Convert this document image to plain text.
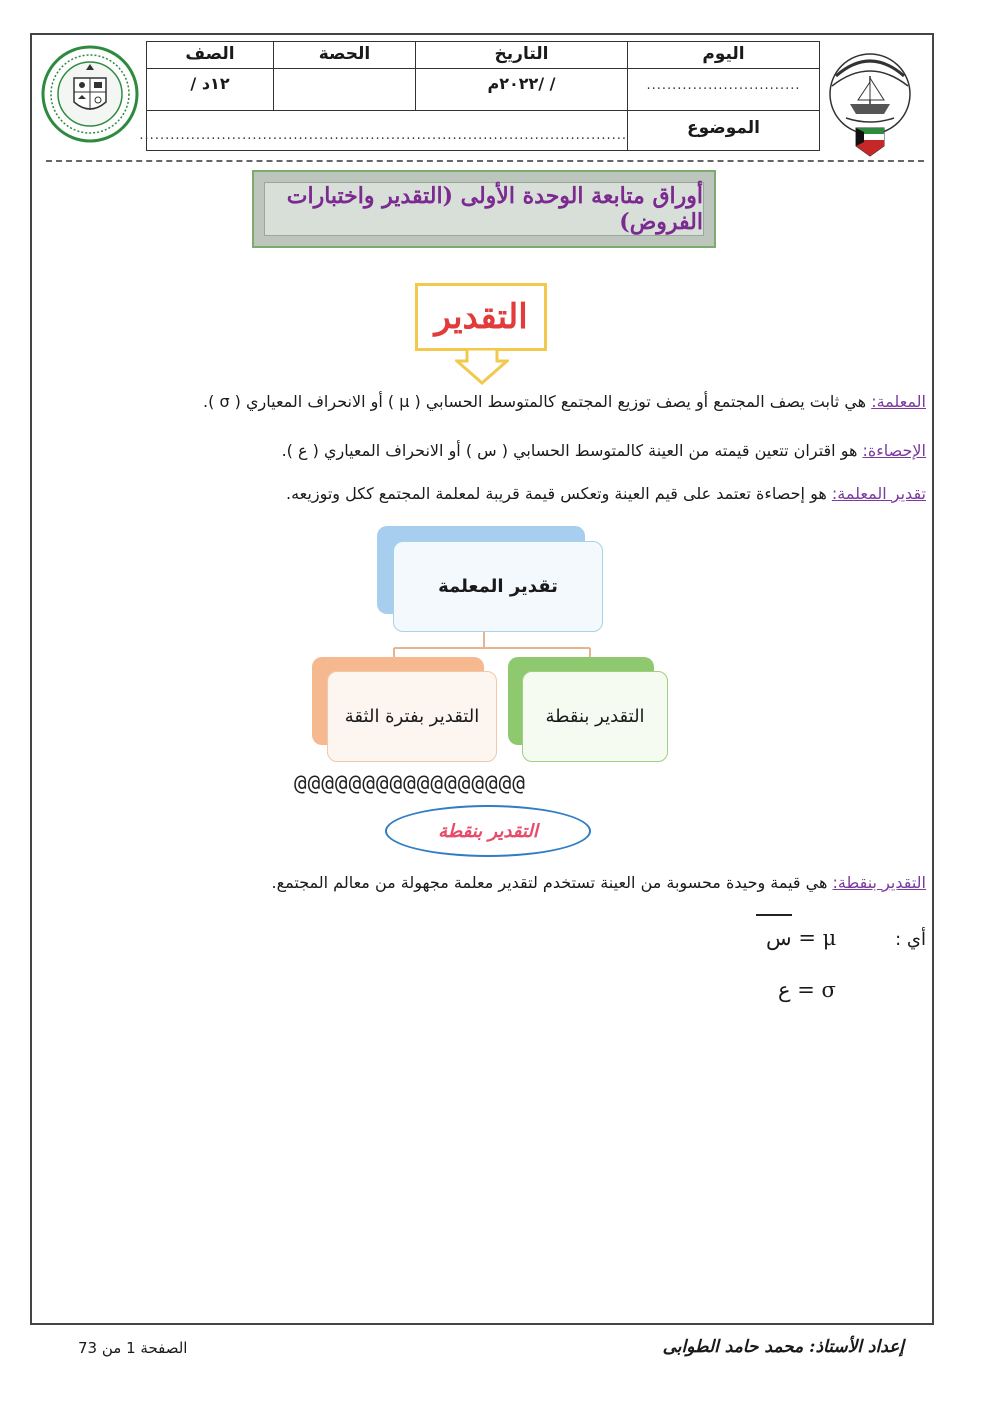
اليوم
..............................
التاريخ
/ /٢٠٢٢م
الحصة
الصف
١٢د /
الموضوع
...............................................................................................
أوراق متابعة الوحدة الأولى (التقدير واختبارات الفروض)
التقدير
المعلمة: هي ثابت يصف المجتمع أو يصف توزيع المجتمع كالمتوسط الحسابي ( μ ) أو الانحراف المعياري ( σ ).
الإحصاءة: هو اقتران تتعين قيمته من العينة كالمتوسط الحسابي ( س ) أو الانحراف المعياري ( ع ).
تقدير المعلمة: هو إحصاءة تعتمد على قيم العينة وتعكس قيمة قريبة لمعلمة المجتمع ككل وتوزيعه.
تقدير المعلمة
التقدير بفترة الثقة	التقدير بنقطة
@@@@@@@@@@@@@@@@@
التقدير بنقطة
التقدير بنقطة: هي قيمة وحيدة محسوبة من العينة تستخدم لتقدير معلمة مجهولة من معالم المجتمع.
أي :
س = μ
ع = σ
الصفحة 1 من 73	إعداد الأستاذ: محمد حامد الطوابى
